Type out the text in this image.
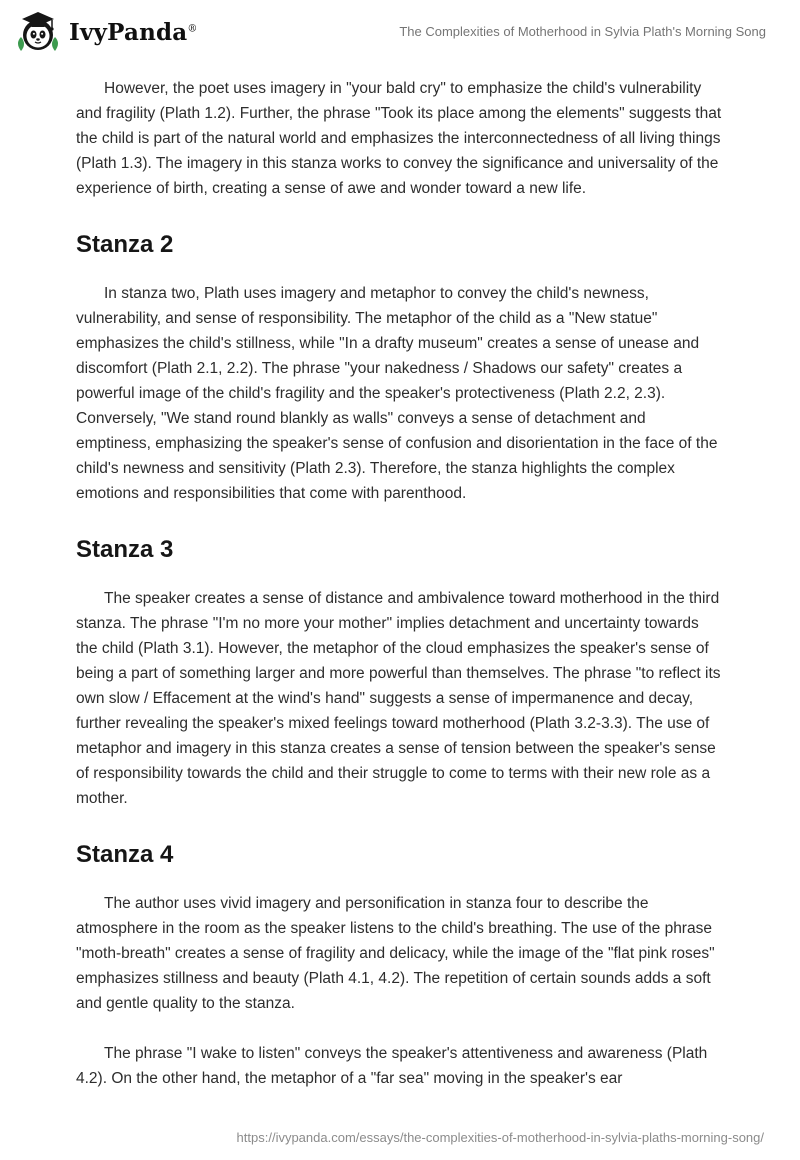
IvyPanda®	The Complexities of Motherhood in Sylvia Plath's Morning Song

However, the poet uses imagery in "your bald cry" to emphasize the child's vulnerability and fragility (Plath 1.2). Further, the phrase "Took its place among the elements" suggests that the child is part of the natural world and emphasizes the interconnectedness of all living things (Plath 1.3). The imagery in this stanza works to convey the significance and universality of the experience of birth, creating a sense of awe and wonder toward a new life.

Stanza 2

In stanza two, Plath uses imagery and metaphor to convey the child's newness, vulnerability, and sense of responsibility. The metaphor of the child as a "New statue" emphasizes the child's stillness, while "In a drafty museum" creates a sense of unease and discomfort (Plath 2.1, 2.2). The phrase "your nakedness / Shadows our safety" creates a powerful image of the child's fragility and the speaker's protectiveness (Plath 2.2, 2.3). Conversely, "We stand round blankly as walls" conveys a sense of detachment and emptiness, emphasizing the speaker's sense of confusion and disorientation in the face of the child's newness and sensitivity (Plath 2.3). Therefore, the stanza highlights the complex emotions and responsibilities that come with parenthood.

Stanza 3

The speaker creates a sense of distance and ambivalence toward motherhood in the third stanza. The phrase "I'm no more your mother" implies detachment and uncertainty towards the child (Plath 3.1). However, the metaphor of the cloud emphasizes the speaker's sense of being a part of something larger and more powerful than themselves. The phrase "to reflect its own slow / Effacement at the wind's hand" suggests a sense of impermanence and decay, further revealing the speaker's mixed feelings toward motherhood (Plath 3.2-3.3). The use of metaphor and imagery in this stanza creates a sense of tension between the speaker's sense of responsibility towards the child and their struggle to come to terms with their new role as a mother.

Stanza 4

The author uses vivid imagery and personification in stanza four to describe the atmosphere in the room as the speaker listens to the child's breathing. The use of the phrase "moth-breath" creates a sense of fragility and delicacy, while the image of the "flat pink roses" emphasizes stillness and beauty (Plath 4.1, 4.2). The repetition of certain sounds adds a soft and gentle quality to the stanza.

The phrase "I wake to listen" conveys the speaker's attentiveness and awareness (Plath 4.2). On the other hand, the metaphor of a "far sea" moving in the speaker's ear

https://ivypanda.com/essays/the-complexities-of-motherhood-in-sylvia-plaths-morning-song/
